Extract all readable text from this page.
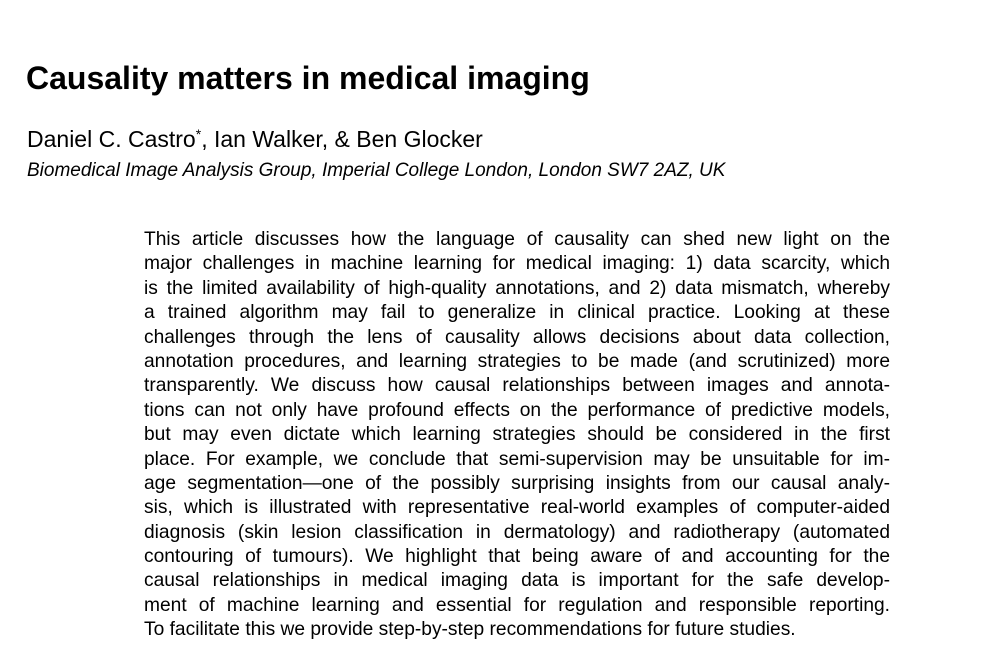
Causality matters in medical imaging
Daniel C. Castro*, Ian Walker, & Ben Glocker
Biomedical Image Analysis Group, Imperial College London, London SW7 2AZ, UK
This article discusses how the language of causality can shed new light on the
major challenges in machine learning for medical imaging: 1) data scarcity, which
is the limited availability of high-quality annotations, and 2) data mismatch, whereby
a trained algorithm may fail to generalize in clinical practice. Looking at these
challenges through the lens of causality allows decisions about data collection,
annotation procedures, and learning strategies to be made (and scrutinized) more
transparently. We discuss how causal relationships between images and annota-
tions can not only have profound effects on the performance of predictive models,
but may even dictate which learning strategies should be considered in the first
place. For example, we conclude that semi-supervision may be unsuitable for im-
age segmentation—one of the possibly surprising insights from our causal analy-
sis, which is illustrated with representative real-world examples of computer-aided
diagnosis (skin lesion classification in dermatology) and radiotherapy (automated
contouring of tumours). We highlight that being aware of and accounting for the
causal relationships in medical imaging data is important for the safe develop-
ment of machine learning and essential for regulation and responsible reporting.
To facilitate this we provide step-by-step recommendations for future studies.
